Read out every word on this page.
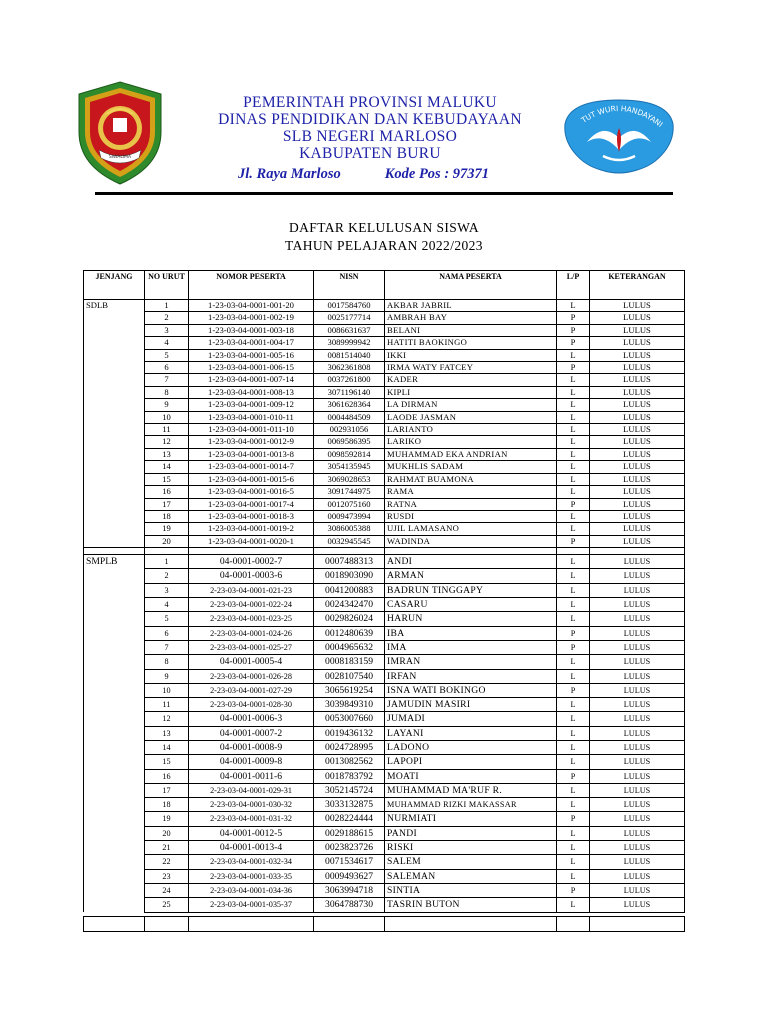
SIWALIMA
PEMERINTAH PROVINSI MALUKU
DINAS PENDIDIKAN DAN KEBUDAYAAN
SLB NEGERI MARLOSO
KABUPATEN BURU
Jl. Raya Marloso	Kode Pos : 97371
TUT WURI HANDAYANI
DAFTAR KELULUSAN SISWA
TAHUN PELAJARAN 2022/2023
JENJANG	NO URUT	NOMOR PESERTA	NISN	NAMA PESERTA	L/P	KETERANGAN
SDLB	1	1-23-03-04-0001-001-20	0017584760	AKBAR JABRIL	L	LULUS
	2	1-23-03-04-0001-002-19	0025177714	AMBRAH BAY	P	LULUS
	3	1-23-03-04-0001-003-18	0086631637	BELANI	P	LULUS
	4	1-23-03-04-0001-004-17	3089999942	HATITI BAOKINGO	P	LULUS
	5	1-23-03-04-0001-005-16	0081514040	IKKI	L	LULUS
	6	1-23-03-04-0001-006-15	3062361808	IRMA WATY FATCEY	P	LULUS
	7	1-23-03-04-0001-007-14	0037261800	KADER	L	LULUS
	8	1-23-03-04-0001-008-13	3071196140	KIPLI	L	LULUS
	9	1-23-03-04-0001-009-12	3061628364	LA DIRMAN	L	LULUS
	10	1-23-03-04-0001-010-11	0004484509	LAODE JASMAN	L	LULUS
	11	1-23-03-04-0001-011-10	002931056	LARIANTO	L	LULUS
	12	1-23-03-04-0001-0012-9	0069586395	LARIKO	L	LULUS
	13	1-23-03-04-0001-0013-8	0098592814	MUHAMMAD EKA ANDRIAN	L	LULUS
	14	1-23-03-04-0001-0014-7	3054135945	MUKHLIS SADAM	L	LULUS
	15	1-23-03-04-0001-0015-6	3069028653	RAHMAT BUAMONA	L	LULUS
	16	1-23-03-04-0001-0016-5	3091744975	RAMA	L	LULUS
	17	1-23-03-04-0001-0017-4	0012075160	RATNA	P	LULUS
	18	1-23-03-04-0001-0018-3	0009473994	RUSDI	L	LULUS
	19	1-23-03-04-0001-0019-2	3086005388	UJIL LAMASANO	L	LULUS
	20	1-23-03-04-0001-0020-1	0032945545	WADINDA	P	LULUS

SMPLB	1	04-0001-0002-7	0007488313	ANDI	L	LULUS
	2	04-0001-0003-6	0018903090	ARMAN	L	LULUS
	3	2-23-03-04-0001-021-23	0041200883	BADRUN TINGGAPY	L	LULUS
	4	2-23-03-04-0001-022-24	0024342470	CASARU	L	LULUS
	5	2-23-03-04-0001-023-25	0029826024	HARUN	L	LULUS
	6	2-23-03-04-0001-024-26	0012480639	IBA	P	LULUS
	7	2-23-03-04-0001-025-27	0004965632	IMA	P	LULUS
	8	04-0001-0005-4	0008183159	IMRAN	L	LULUS
	9	2-23-03-04-0001-026-28	0028107540	IRFAN	L	LULUS
	10	2-23-03-04-0001-027-29	3065619254	ISNA WATI BOKINGO	P	LULUS
	11	2-23-03-04-0001-028-30	3039849310	JAMUDIN MASIRI	L	LULUS
	12	04-0001-0006-3	0053007660	JUMADI	L	LULUS
	13	04-0001-0007-2	0019436132	LAYANI	L	LULUS
	14	04-0001-0008-9	0024728995	LADONO	L	LULUS
	15	04-0001-0009-8	0013082562	LAPOPI	L	LULUS
	16	04-0001-0011-6	0018783792	MOATI	P	LULUS
	17	2-23-03-04-0001-029-31	3052145724	MUHAMMAD MA'RUF R.	L	LULUS
	18	2-23-03-04-0001-030-32	3033132875	MUHAMMAD RIZKI MAKASSAR	L	LULUS
	19	2-23-03-04-0001-031-32	0028224444	NURMIATI	P	LULUS
	20	04-0001-0012-5	0029188615	PANDI	L	LULUS
	21	04-0001-0013-4	0023823726	RISKI	L	LULUS
	22	2-23-03-04-0001-032-34	0071534617	SALEM	L	LULUS
	23	2-23-03-04-0001-033-35	0009493627	SALEMAN	L	LULUS
	24	2-23-03-04-0001-034-36	3063994718	SINTIA	P	LULUS
	25	2-23-03-04-0001-035-37	3064788730	TASRIN BUTON	L	LULUS
